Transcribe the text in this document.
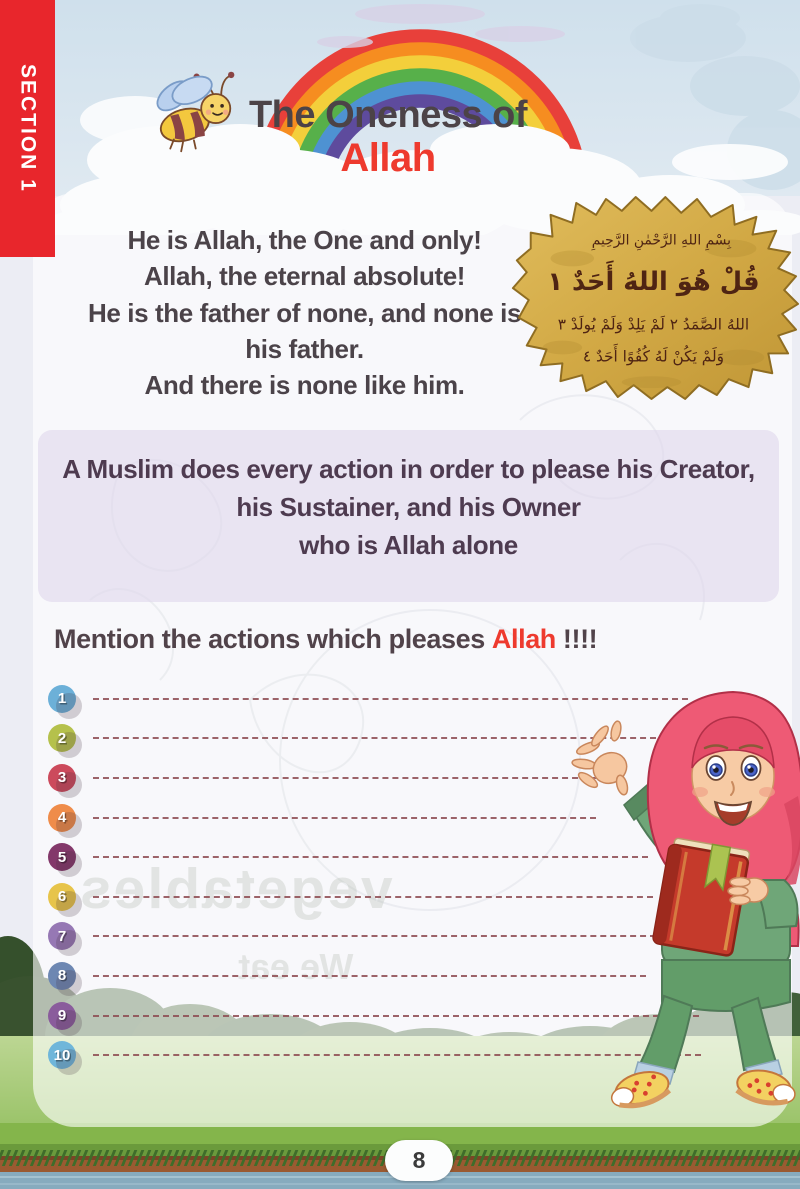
vegetables
We eat
SECTION 1	The Oneness of
Allah
He is Allah, the One and only!
Allah, the eternal absolute!
He is the father of none, and none is
his father.
And there is none like him.
بِسْمِ اللهِ الرَّحْمٰنِ الرَّحِيمِ
قُلْ هُوَ اللهُ أَحَدٌ ١
اللهُ الصَّمَدُ ٢ لَمْ يَلِدْ وَلَمْ يُولَدْ ٣
وَلَمْ يَكُنْ لَهُ كُفُوًا أَحَدٌ ٤
A Muslim does every action in order to please his Creator,
his Sustainer, and his Owner
who is Allah alone
Mention the actions which pleases Allah !!!!
1
2
3
4
5
6
7
8
9
10
8
